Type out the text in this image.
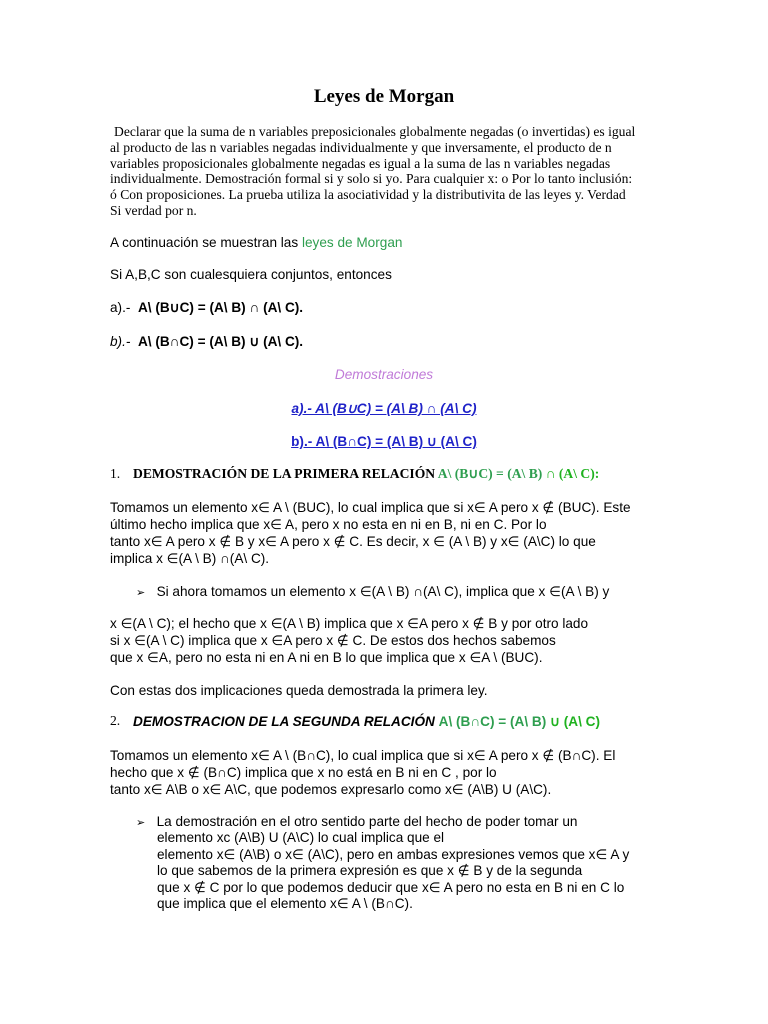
Leyes de Morgan
Declarar que la suma de n variables preposicionales globalmente negadas (o invertidas) es igual
al producto de las n variables negadas individualmente y que inversamente, el producto de n
variables proposicionales globalmente negadas es igual a la suma de las n variables negadas
individualmente. Demostración formal si y solo si yo. Para cualquier x: o Por lo tanto inclusión:
ó Con proposiciones. La prueba utiliza la asociatividad y la distributivita de las leyes y. Verdad
Si verdad por n.
A continuación se muestran las leyes de Morgan
Si A,B,C son cualesquiera conjuntos, entonces
a).- A\ (B∪C) = (A\ B) ∩ (A\ C).
b).- A\ (B∩C) = (A\ B) ∪ (A\ C).
Demostraciones
a).- A\ (B∪C) = (A\ B) ∩ (A\ C)
b).- A\ (B∩C) = (A\ B) ∪ (A\ C)
1. DEMOSTRACIÓN DE LA PRIMERA RELACIÓN A\ (B∪C) = (A\ B) ∩ (A\ C):
Tomamos un elemento x∈ A \ (BUC), lo cual implica que si x∈ A pero x ∉ (BUC). Este
último hecho implica que x∈ A, pero x no esta en ni en B, ni en C. Por lo
tanto x∈ A pero x ∉ B y x∈ A pero x ∉ C. Es decir, x ∈ (A \ B) y x∈ (A\C) lo que
implica x ∈(A \ B) ∩(A\ C).
➢ Si ahora tomamos un elemento x ∈(A \ B) ∩(A\ C), implica que x ∈(A \ B) y
x ∈(A \ C); el hecho que x ∈(A \ B) implica que x ∈A pero x ∉ B y por otro lado
si x ∈(A \ C) implica que x ∈A pero x ∉ C. De estos dos hechos sabemos
que x ∈A, pero no esta ni en A ni en B lo que implica que x ∈A \ (BUC).
Con estas dos implicaciones queda demostrada la primera ley.
2. DEMOSTRACION DE LA SEGUNDA RELACIÓN A\ (B∩C) = (A\ B) ∪ (A\ C)
Tomamos un elemento x∈ A \ (B∩C), lo cual implica que si x∈ A pero x ∉ (B∩C). El
hecho que x ∉ (B∩C) implica que x no está en B ni en C , por lo
tanto x∈ A\B o x∈ A\C, que podemos expresarlo como x∈ (A\B) U (A\C).
➢ La demostración en el otro sentido parte del hecho de poder tomar un
elemento xc (A\B) U (A\C) lo cual implica que el
elemento x∈ (A\B) o x∈ (A\C), pero en ambas expresiones vemos que x∈ A y
lo que sabemos de la primera expresión es que x ∉ B y de la segunda
que x ∉ C por lo que podemos deducir que x∈ A pero no esta en B ni en C lo
que implica que el elemento x∈ A \ (B∩C).
